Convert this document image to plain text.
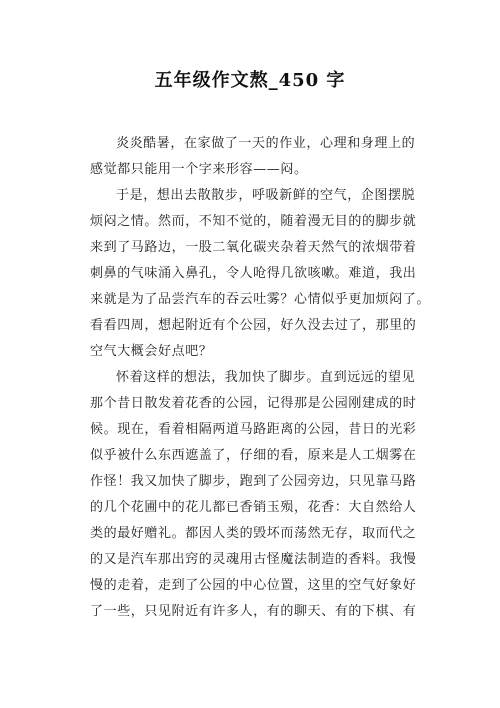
五年级作文熬_450 字
炎炎酷暑，在家做了一天的作业，心理和身理上的
感觉都只能用一个字来形容——闷。
于是，想出去散散步，呼吸新鲜的空气，企图摆脱
烦闷之情。然而，不知不觉的，随着漫无目的的脚步就
来到了马路边，一股二氧化碳夹杂着天然气的浓烟带着
刺鼻的气味涌入鼻孔，令人呛得几欲咳嗽。难道，我出
来就是为了品尝汽车的吞云吐雾？心情似乎更加烦闷了。
看看四周，想起附近有个公园，好久没去过了，那里的
空气大概会好点吧？
怀着这样的想法，我加快了脚步。直到远远的望见
那个昔日散发着花香的公园，记得那是公园刚建成的时
候。现在，看着相隔两道马路距离的公园，昔日的光彩
似乎被什么东西遮盖了，仔细的看，原来是人工烟雾在
作怪！我又加快了脚步，跑到了公园旁边，只见靠马路
的几个花圃中的花儿都已香销玉殒，花香：大自然给人
类的最好赠礼。都因人类的毁坏而荡然无存，取而代之
的又是汽车那出窍的灵魂用古怪魔法制造的香料。我慢
慢的走着，走到了公园的中心位置，这里的空气好象好
了一些，只见附近有许多人，有的聊天、有的下棋、有
